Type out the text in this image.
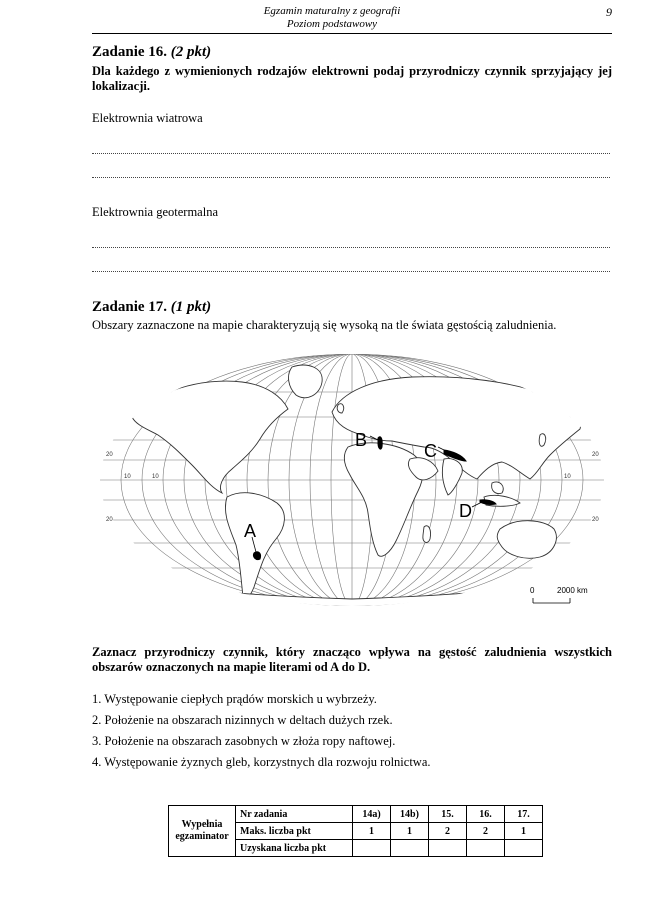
Egzamin maturalny z geografii
Poziom podstawowy
9
Zadanie 16. (2 pkt)
Dla każdego z wymienionych rodzajów elektrowni podaj przyrodniczy czynnik sprzyjający jej lokalizacji.
Elektrownia wiatrowa
Elektrownia geotermalna
Zadanie 17. (1 pkt)
Obszary zaznaczone na mapie charakteryzują się wysoką na tle świata gęstością zaludnienia.
A
B
C
D
20	20
20	20
10	10	10
0	2000 km
Zaznacz przyrodniczy czynnik, który znacząco wpływa na gęstość zaludnienia wszystkich obszarów oznaczonych na mapie literami od A do D.
1. Występowanie ciepłych prądów morskich u wybrzeży.
2. Położenie na obszarach nizinnych w deltach dużych rzek.
3. Położenie na obszarach zasobnych w złoża ropy naftowej.
4. Występowanie żyznych gleb, korzystnych dla rozwoju rolnictwa.
Wypełnia egzaminator	Nr zadania	14a)	14b)	15.	16.	17.
	Maks. liczba pkt	1	1	2	2	1
	Uzyskana liczba pkt					
